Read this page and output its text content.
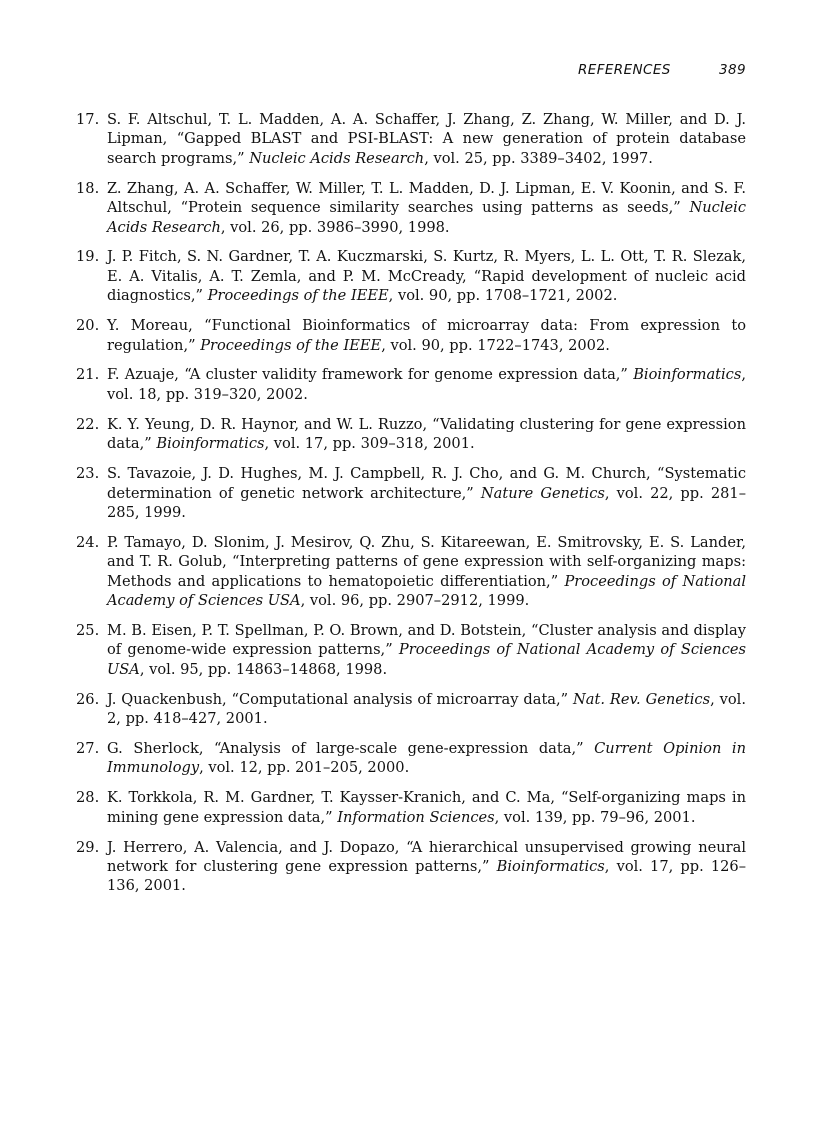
REFERENCES	389
17. S. F. Altschul, T. L. Madden, A. A. Schaffer, J. Zhang, Z. Zhang, W. Miller, and D. J. Lipman, “Gapped BLAST and PSI-BLAST: A new generation of protein database search programs,” Nucleic Acids Research, vol. 25, pp. 3389–3402, 1997.
18. Z. Zhang, A. A. Schaffer, W. Miller, T. L. Madden, D. J. Lipman, E. V. Koonin, and S. F. Altschul, “Protein sequence similarity searches using patterns as seeds,” Nucleic Acids Research, vol. 26, pp. 3986–3990, 1998.
19. J. P. Fitch, S. N. Gardner, T. A. Kuczmarski, S. Kurtz, R. Myers, L. L. Ott, T. R. Slezak, E. A. Vitalis, A. T. Zemla, and P. M. McCready, “Rapid development of nucleic acid diagnostics,” Proceedings of the IEEE, vol. 90, pp. 1708–1721, 2002.
20. Y. Moreau, “Functional Bioinformatics of microarray data: From expression to regulation,” Proceedings of the IEEE, vol. 90, pp. 1722–1743, 2002.
21. F. Azuaje, “A cluster validity framework for genome expression data,” Bioinformatics, vol. 18, pp. 319–320, 2002.
22. K. Y. Yeung, D. R. Haynor, and W. L. Ruzzo, “Validating clustering for gene expression data,” Bioinformatics, vol. 17, pp. 309–318, 2001.
23. S. Tavazoie, J. D. Hughes, M. J. Campbell, R. J. Cho, and G. M. Church, “Systematic determination of genetic network architecture,” Nature Genetics, vol. 22, pp. 281–285, 1999.
24. P. Tamayo, D. Slonim, J. Mesirov, Q. Zhu, S. Kitareewan, E. Smitrovsky, E. S. Lander, and T. R. Golub, “Interpreting patterns of gene expression with self-organizing maps: Methods and applications to hematopoietic differentiation,” Proceedings of National Academy of Sciences USA, vol. 96, pp. 2907–2912, 1999.
25. M. B. Eisen, P. T. Spellman, P. O. Brown, and D. Botstein, “Cluster analysis and display of genome-wide expression patterns,” Proceedings of National Academy of Sciences USA, vol. 95, pp. 14863–14868, 1998.
26. J. Quackenbush, “Computational analysis of microarray data,” Nat. Rev. Genetics, vol. 2, pp. 418–427, 2001.
27. G. Sherlock, “Analysis of large-scale gene-expression data,” Current Opinion in Immunology, vol. 12, pp. 201–205, 2000.
28. K. Torkkola, R. M. Gardner, T. Kaysser-Kranich, and C. Ma, “Self-organizing maps in mining gene expression data,” Information Sciences, vol. 139, pp. 79–96, 2001.
29. J. Herrero, A. Valencia, and J. Dopazo, “A hierarchical unsupervised growing neural network for clustering gene expression patterns,” Bioinformatics, vol. 17, pp. 126–136, 2001.
